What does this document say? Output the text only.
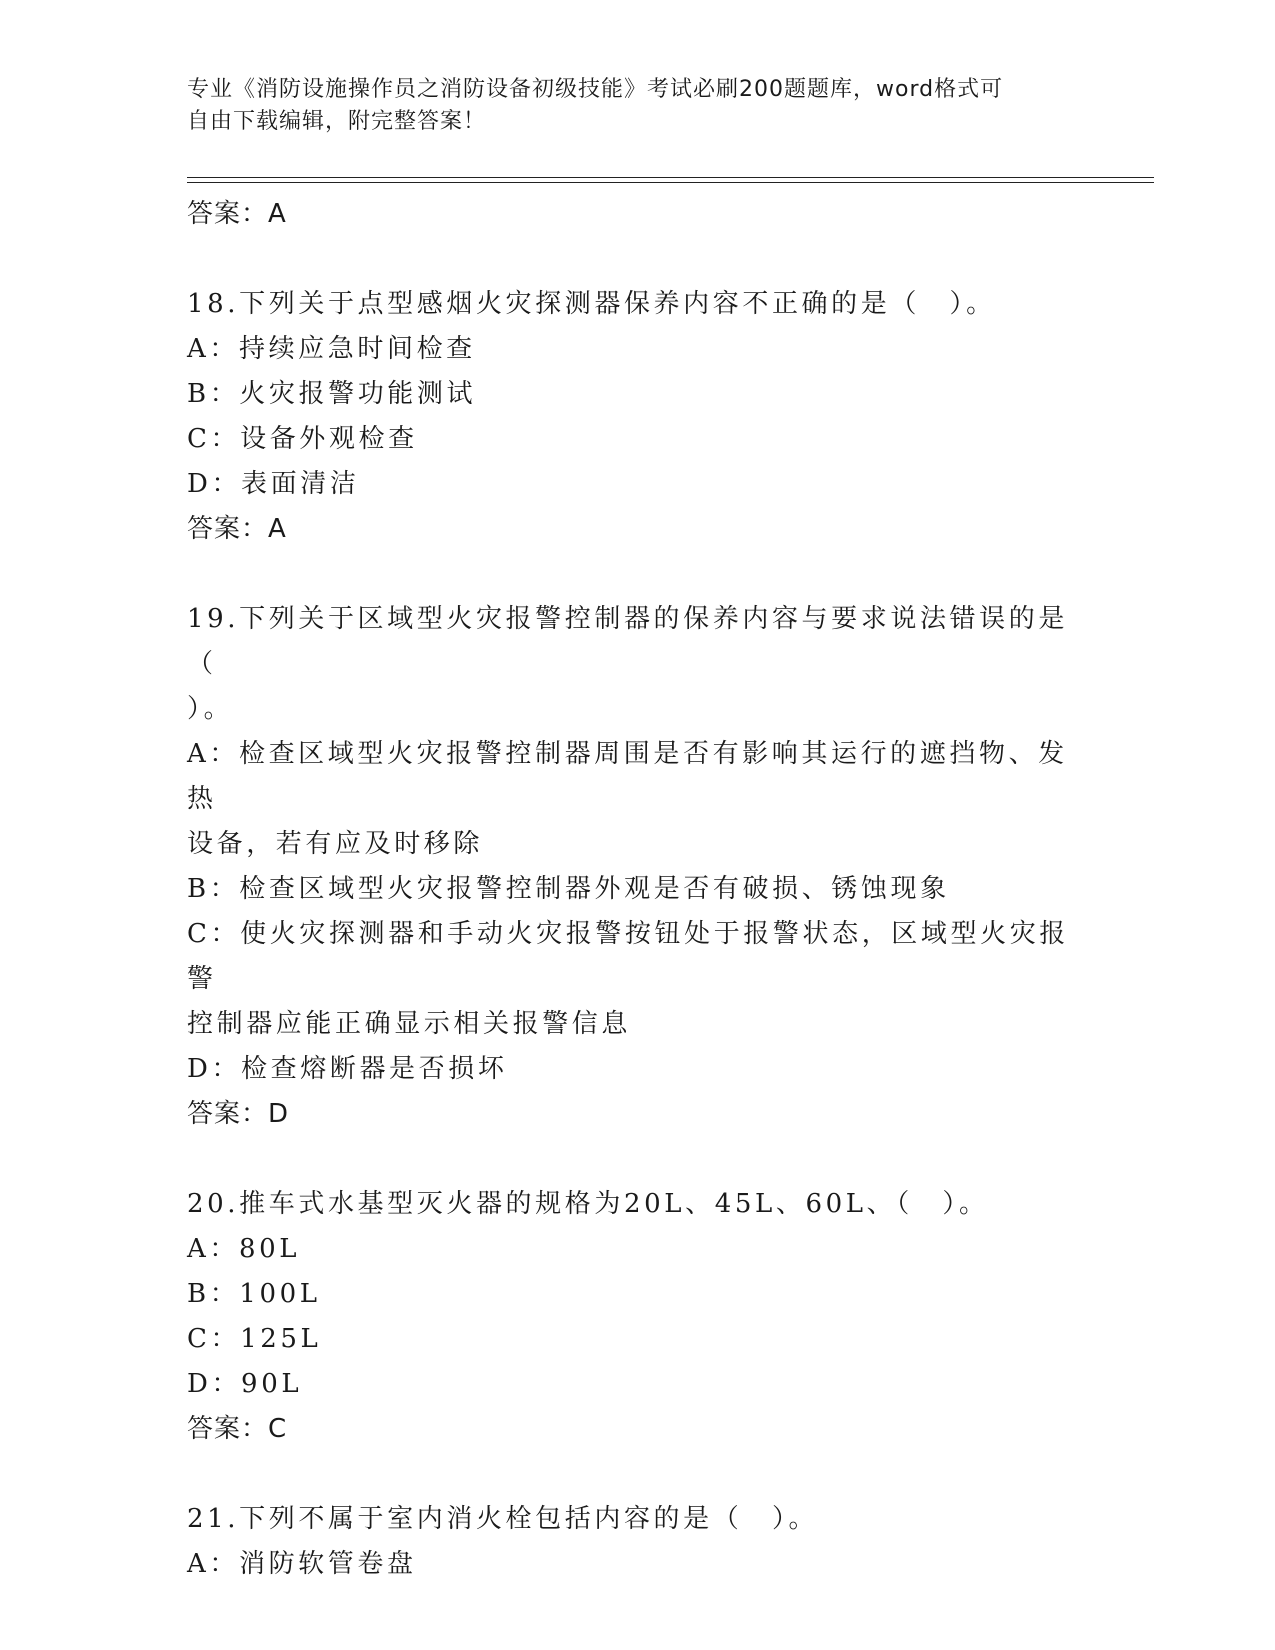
专业《消防设施操作员之消防设备初级技能》考试必刷200题题库，word格式可
自由下载编辑，附完整答案！
答案：A
18.下列关于点型感烟火灾探测器保养内容不正确的是（　）。
A：持续应急时间检查
B：火灾报警功能测试
C：设备外观检查
D：表面清洁
答案：A
19.下列关于区域型火灾报警控制器的保养内容与要求说法错误的是（
）。
A：检查区域型火灾报警控制器周围是否有影响其运行的遮挡物、发热
设备，若有应及时移除
B：检查区域型火灾报警控制器外观是否有破损、锈蚀现象
C：使火灾探测器和手动火灾报警按钮处于报警状态，区域型火灾报警
控制器应能正确显示相关报警信息
D：检查熔断器是否损坏
答案：D
20.推车式水基型灭火器的规格为20L、45L、60L、（　）。
A：80L
B：100L
C：125L
D：90L
答案：C
21.下列不属于室内消火栓包括内容的是（　）。
A：消防软管卷盘
